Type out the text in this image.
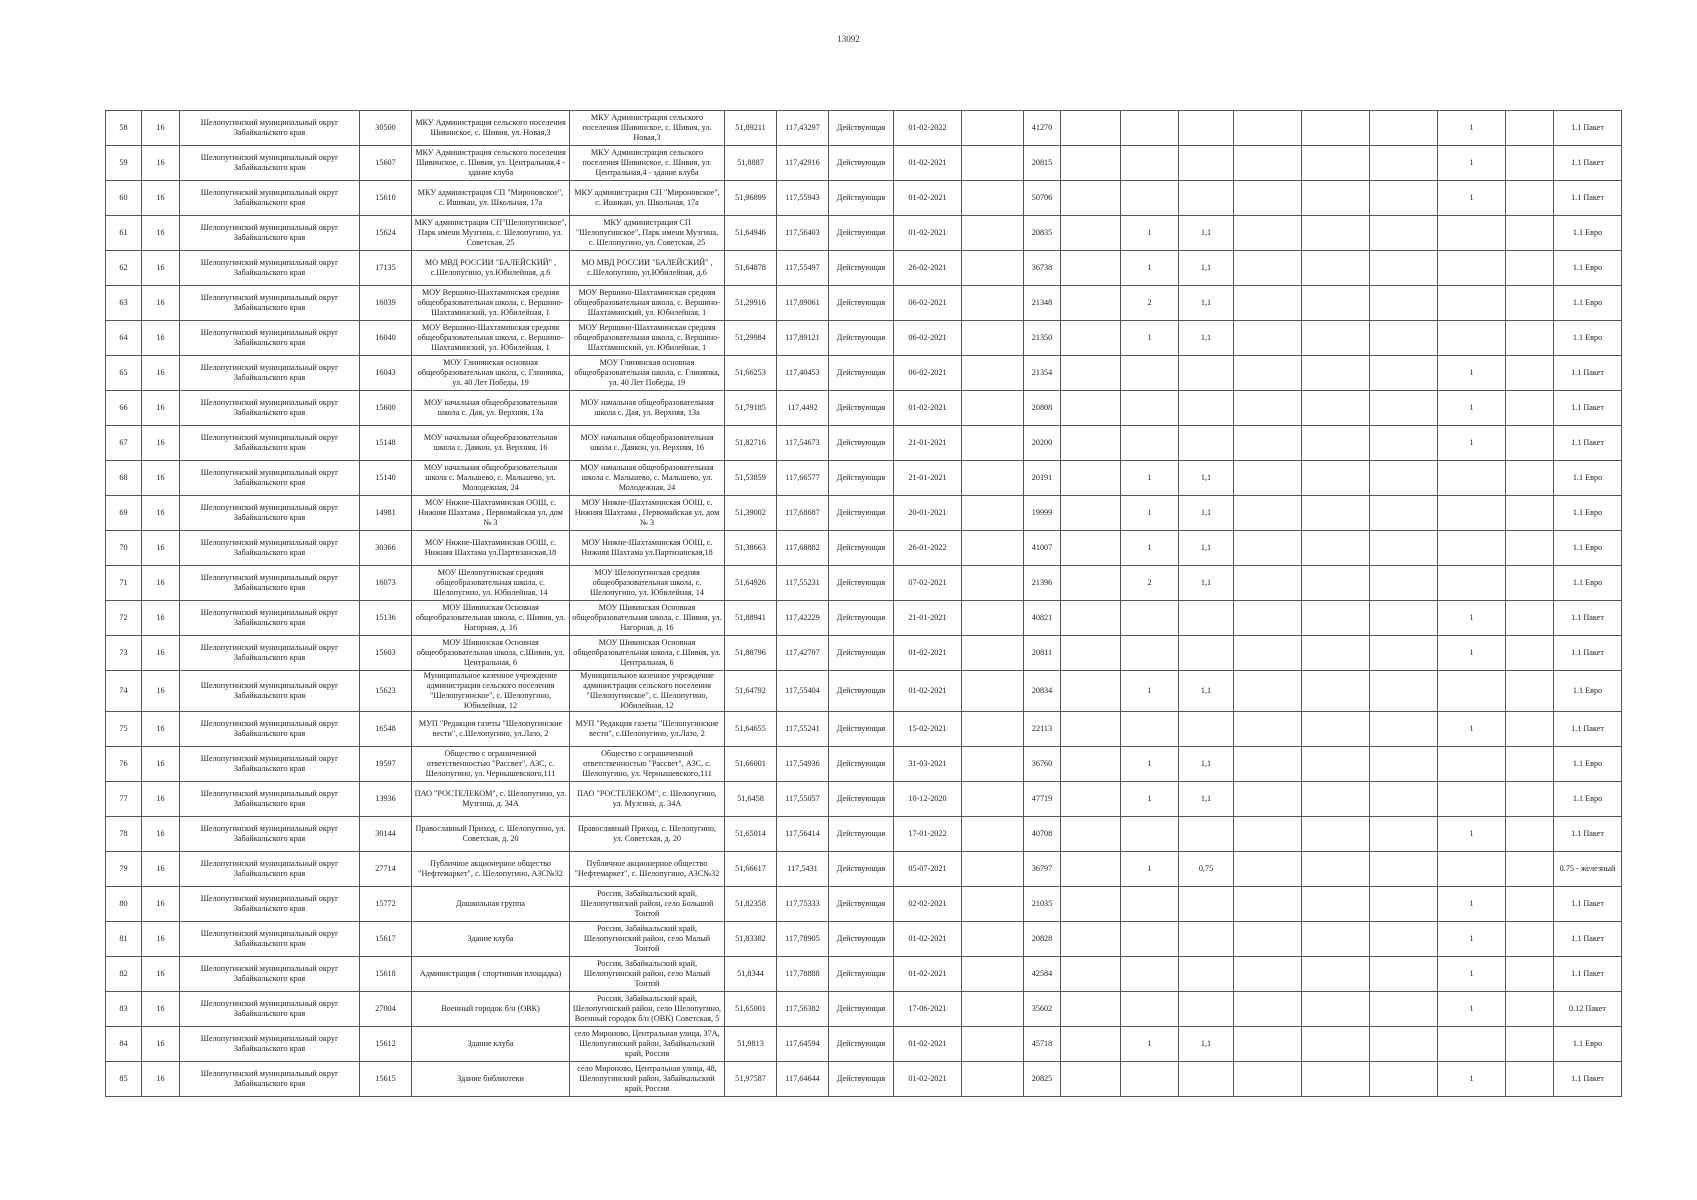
13092
58	16	Шелопугинский муниципальный округ Забайкальского края	30500	МКУ Администрация сельского поселения Шивинское, с. Шивия, ул. Новая,3	МКУ Администрация сельского поселения Шивинское, с. Шивия, ул. Новая,3	51,89211	117,43297	Действующая	01-02-2022		41270							1		1.1 Пакет
59	16	Шелопугинский муниципальный округ Забайкальского края	15607	МКУ Администрация сельского поселения Шивинское, с. Шивия, ул. Центральная,4 - здание клуба	МКУ Администрация сельского поселения Шивинское, с. Шивия, ул. Центральная,4 - здание клуба	51,8887	117,42916	Действующая	01-02-2021		20815							1		1.1 Пакет
60	16	Шелопугинский муниципальный округ Забайкальского края	15610	МКУ администрация СП "Мироновское", с. Ишикан, ул. Школьная, 17а	МКУ администрация СП "Мироновское", с. Ишикан, ул. Школьная, 17а	51,96899	117,55943	Действующая	01-02-2021		50706							1		1.1 Пакет
61	16	Шелопугинский муниципальный округ Забайкальского края	15624	МКУ администрация СП"Шелопугинское", Парк имени Музгина, с. Шелопугино, ул. Советская, 25	МКУ администрация СП "Шелопугинское", Парк имени Музгина, с. Шелопугино, ул. Советская, 25	51,64946	117,56403	Действующая	01-02-2021		20835		1	1,1						1.1 Евро
62	16	Шелопугинский муниципальный округ Забайкальского края	17135	МО МВД РОССИИ "БАЛЕЙСКИЙ" , с.Шелопугино, ул.Юбилейная, д.6	МО МВД РОССИИ "БАЛЕЙСКИЙ" , с.Шелопугино, ул.Юбилейная, д.6	51,64878	117,55497	Действующая	26-02-2021		36738		1	1,1						1.1 Евро
63	16	Шелопугинский муниципальный округ Забайкальского края	16039	МОУ Вершино-Шахтаминская средняя общеобразовательная школа, с. Вершино-Шахтаминский, ул. Юбилейная, 1	МОУ Вершино-Шахтаминская средняя общеобразовательная школа, с. Вершино-Шахтаминский, ул. Юбилейная, 1	51,29916	117,89061	Действующая	06-02-2021		21348		2	1,1						1.1 Евро
64	16	Шелопугинский муниципальный округ Забайкальского края	16040	МОУ Вершино-Шахтаминская средняя общеобразовательная школа, с. Вершино-Шахтаминский, ул. Юбилейная, 1	МОУ Вершино-Шахтаминская средняя общеобразовательная школа, с. Вершино-Шахтаминский, ул. Юбилейная, 1	51,29984	117,89121	Действующая	06-02-2021		21350		1	1,1						1.1 Евро
65	16	Шелопугинский муниципальный округ Забайкальского края	16043	МОУ Глинянская основная общеобразовательная школа, с. Глинянка, ул. 40 Лет Победы, 19	МОУ Глинянская основная общеобразовательная школа, с. Глинянка, ул. 40 Лет Победы, 19	51,66253	117,40453	Действующая	06-02-2021		21354							1		1.1 Пакет
66	16	Шелопугинский муниципальный округ Забайкальского края	15600	МОУ начальная общеобразовательная школа с. Дая, ул. Верхняя, 13а	МОУ начальная общеобразовательная школа с. Дая, ул. Верхняя, 13а	51,79185	117,4492	Действующая	01-02-2021		20808							1		1.1 Пакет
67	16	Шелопугинский муниципальный округ Забайкальского края	15148	МОУ начальная общеобразовательная школа с. Даякон, ул. Верхняя, 16	МОУ начальная общеобразовательная школа с. Даякон, ул. Верхняя, 16	51,82716	117,54673	Действующая	21-01-2021		20200							1		1.1 Пакет
68	16	Шелопугинский муниципальный округ Забайкальского края	15140	МОУ начальная общеобразовательная школа с. Мальшево, с. Мальшево, ул. Молодежная, 24	МОУ начальная общеобразовательная школа с. Мальшево, с. Мальшево, ул. Молодежная, 24	51,53859	117,66577	Действующая	21-01-2021		20191		1	1,1						1.1 Евро
69	16	Шелопугинский муниципальный округ Забайкальского края	14981	МОУ Нижне-Шахтаминская ООШ, с. Нижняя Шахтама , Первомайская ул, дом № 3	МОУ Нижне-Шахтаминская ООШ, с. Нижняя Шахтама , Первомайская ул, дом № 3	51,39002	117,68687	Действующая	20-01-2021		19999		1	1,1						1.1 Евро
70	16	Шелопугинский муниципальный округ Забайкальского края	30366	МОУ Нижне-Шахтаминская ООШ, с. Нижняя Шахтама ул.Партизанская,18	МОУ Нижне-Шахтаминская ООШ, с. Нижняя Шахтама ул.Партизанская,18	51,38663	117,68882	Действующая	26-01-2022		41007		1	1,1						1.1 Евро
71	16	Шелопугинский муниципальный округ Забайкальского края	16073	МОУ Шелопугинская средняя общеобразовательная школа, с. Шелопугино, ул. Юбилейная, 14	МОУ Шелопугинская средняя общеобразовательная школа, с. Шелопугино, ул. Юбилейная, 14	51,64926	117,55231	Действующая	07-02-2021		21396		2	1,1						1.1 Евро
72	16	Шелопугинский муниципальный округ Забайкальского края	15136	МОУ Шивинская Основная общеобразовательная школа, с. Шивия, ул. Нагорная, д. 16	МОУ Шивинская Основная общеобразовательная школа, с. Шивия, ул. Нагорная, д. 16	51,88941	117,42229	Действующая	21-01-2021		40821							1		1.1 Пакет
73	16	Шелопугинский муниципальный округ Забайкальского края	15603	МОУ Шивинская Основная общеобразовательная школа, с.Шивия, ул. Центральная, 6	МОУ Шивинская Основная общеобразовательная школа, с.Шивия, ул. Центральная, 6	51,88796	117,42707	Действующая	01-02-2021		20811							1		1.1 Пакет
74	16	Шелопугинский муниципальный округ Забайкальского края	15623	Муниципальное казенное учреждение администрация сельского поселения "Шелопугинское", с. Шелопугино, Юбилейная, 12	Муниципальное казенное учреждение администрация сельского поселения "Шелопугинское", с. Шелопугино, Юбилейная, 12	51,64792	117,55404	Действующая	01-02-2021		20834		1	1,1						1.1 Евро
75	16	Шелопугинский муниципальный округ Забайкальского края	16548	МУП "Редакция газеты "Шелопугинские вести", с.Шелопугино, ул.Лазо, 2	МУП "Редакция газеты "Шелопугинские вести", с.Шелопугино, ул.Лазо, 2	51,64655	117,55241	Действующая	15-02-2021		22113							1		1.1 Пакет
76	16	Шелопугинский муниципальный округ Забайкальского края	19597	Общество с ограниченной ответственностью "Рассвет", АЗС, с. Шелопугино, ул. Чернышевского,111	Общество с ограниченной ответственностью "Рассвет", АЗС, с. Шелопугино, ул. Чернышевского,111	51,66001	117,54936	Действующая	31-03-2021		36760		1	1,1						1.1 Евро
77	16	Шелопугинский муниципальный округ Забайкальского края	13936	ПАО "РОСТЕЛЕКОМ", с. Шелопугино, ул. Музгина, д. 34А	ПАО "РОСТЕЛЕКОМ", с. Шелопугино, ул. Музгина, д. 34А	51,6458	117,55057	Действующая	10-12-2020		47719		1	1,1						1.1 Евро
78	16	Шелопугинский муниципальный округ Забайкальского края	30144	Православный Приход, с. Шелопугино, ул. Советская, д. 20	Православный Приход, с. Шелопугино, ул. Советская, д. 20	51,65014	117,56414	Действующая	17-01-2022		40708							1		1.1 Пакет
79	16	Шелопугинский муниципальный округ Забайкальского края	27714	Публичное акционерное общество "Нефтемаркет", с. Шелопугино, АЗС№32	Публичное акционерное общество "Нефтемаркет", с. Шелопугино, АЗС№32	51,66617	117,5431	Действующая	05-07-2021		36797		1	0,75						0.75 - железный
80	16	Шелопугинский муниципальный округ Забайкальского края	15772	Дошкольная группа	Россия, Забайкальский край, Шелопугинский район, село Большой Тонтой	51,82358	117,75333	Действующая	02-02-2021		21035							1		1.1 Пакет
81	16	Шелопугинский муниципальный округ Забайкальского края	15617	Здание клуба	Россия, Забайкальский край, Шелопугинский район, село Малый Тонтой	51,83382	117,78905	Действующая	01-02-2021		20828							1		1.1 Пакет
82	16	Шелопугинский муниципальный округ Забайкальского края	15618	Администрация ( спортивная площадка)	Россия, Забайкальский край, Шелопугинский район, село Малый Тонтой	51,8344	117,78888	Действующая	01-02-2021		42584							1		1.1 Пакет
83	16	Шелопугинский муниципальный округ Забайкальского края	27004	Военный городок б/н (ОВК)	Россия, Забайкальский край, Шелопугинский район, село Шелопугино, Военный городок б/н (ОВК) Советская, 5	51,65001	117,56382	Действующая	17-06-2021		35602							1		0.12 Пакет
84	16	Шелопугинский муниципальный округ Забайкальского края	15612	Здание клуба	село Мироново, Центральная улица, 37А, Шелопугинский район, Забайкальский край, Россия	51,9813	117,64594	Действующая	01-02-2021		45718		1	1,1						1.1 Евро
85	16	Шелопугинский муниципальный округ Забайкальского края	15615	Здание библиотеки	село Мироново, Центральная улица, 48, Шелопугинский район, Забайкальский край, Россия	51,97587	117,64644	Действующая	01-02-2021		20825							1		1.1 Пакет
